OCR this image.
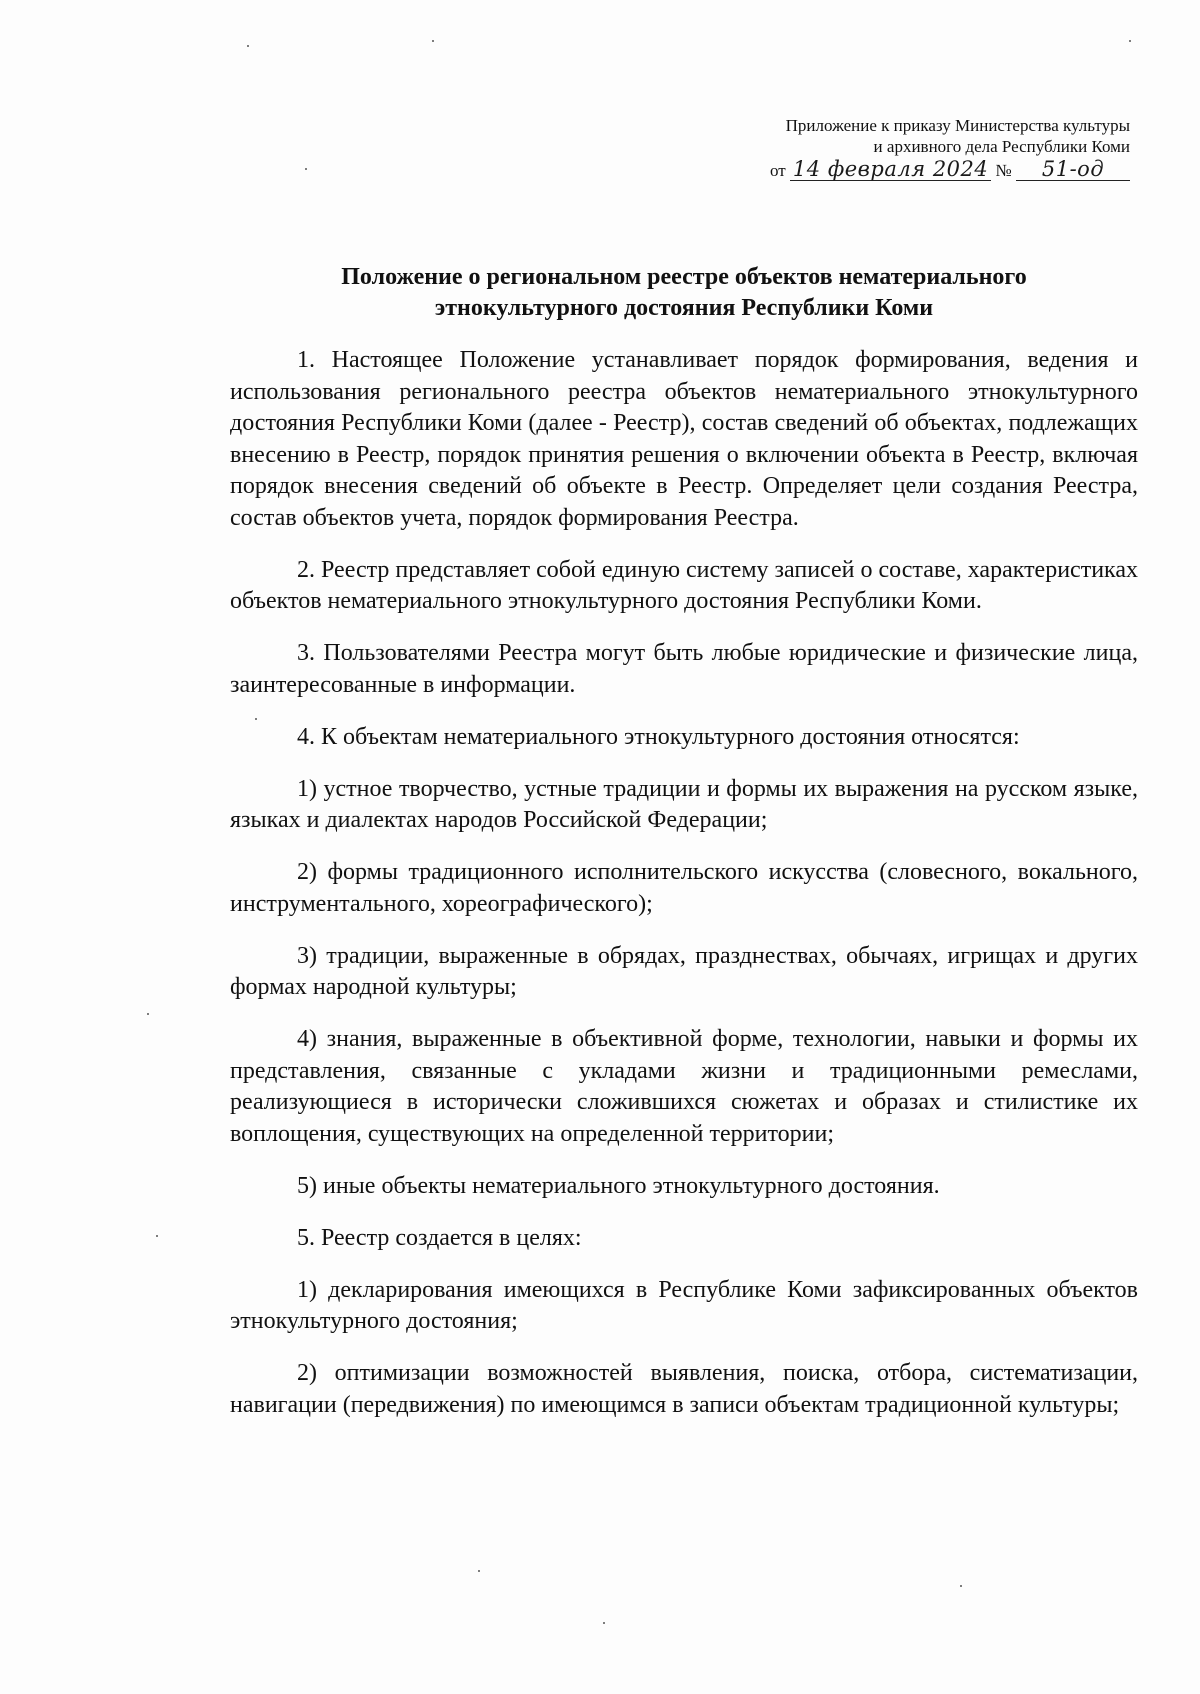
Приложение к приказу Министерства культуры
и архивного дела Республики Коми
от 14 февраля 2024 № 51-од
Положение о региональном реестре объектов нематериального
этнокультурного достояния Республики Коми

1. Настоящее Положение устанавливает порядок формирования, ведения и использования регионального реестра объектов нематериального этнокультурного достояния Республики Коми (далее - Реестр), состав сведений об объектах, подлежащих внесению в Реестр, порядок принятия решения о включении объекта в Реестр, включая порядок внесения сведений об объекте в Реестр. Определяет цели создания Реестра, состав объектов учета, порядок формирования Реестра.

2. Реестр представляет собой единую систему записей о составе, характеристиках объектов нематериального этнокультурного достояния Республики Коми.

3. Пользователями Реестра могут быть любые юридические и физические лица, заинтересованные в информации.

4. К объектам нематериального этнокультурного достояния относятся:

1) устное творчество, устные традиции и формы их выражения на русском языке, языках и диалектах народов Российской Федерации;

2) формы традиционного исполнительского искусства (словесного, вокального, инструментального, хореографического);

3) традиции, выраженные в обрядах, празднествах, обычаях, игрищах и других формах народной культуры;

4) знания, выраженные в объективной форме, технологии, навыки и формы их представления, связанные с укладами жизни и традиционными ремеслами, реализующиеся в исторически сложившихся сюжетах и образах и стилистике их воплощения, существующих на определенной территории;

5) иные объекты нематериального этнокультурного достояния.

5. Реестр создается в целях:

1) декларирования имеющихся в Республике Коми зафиксированных объектов этнокультурного достояния;

2) оптимизации возможностей выявления, поиска, отбора, систематизации, навигации (передвижения) по имеющимся в записи объектам традиционной культуры;
